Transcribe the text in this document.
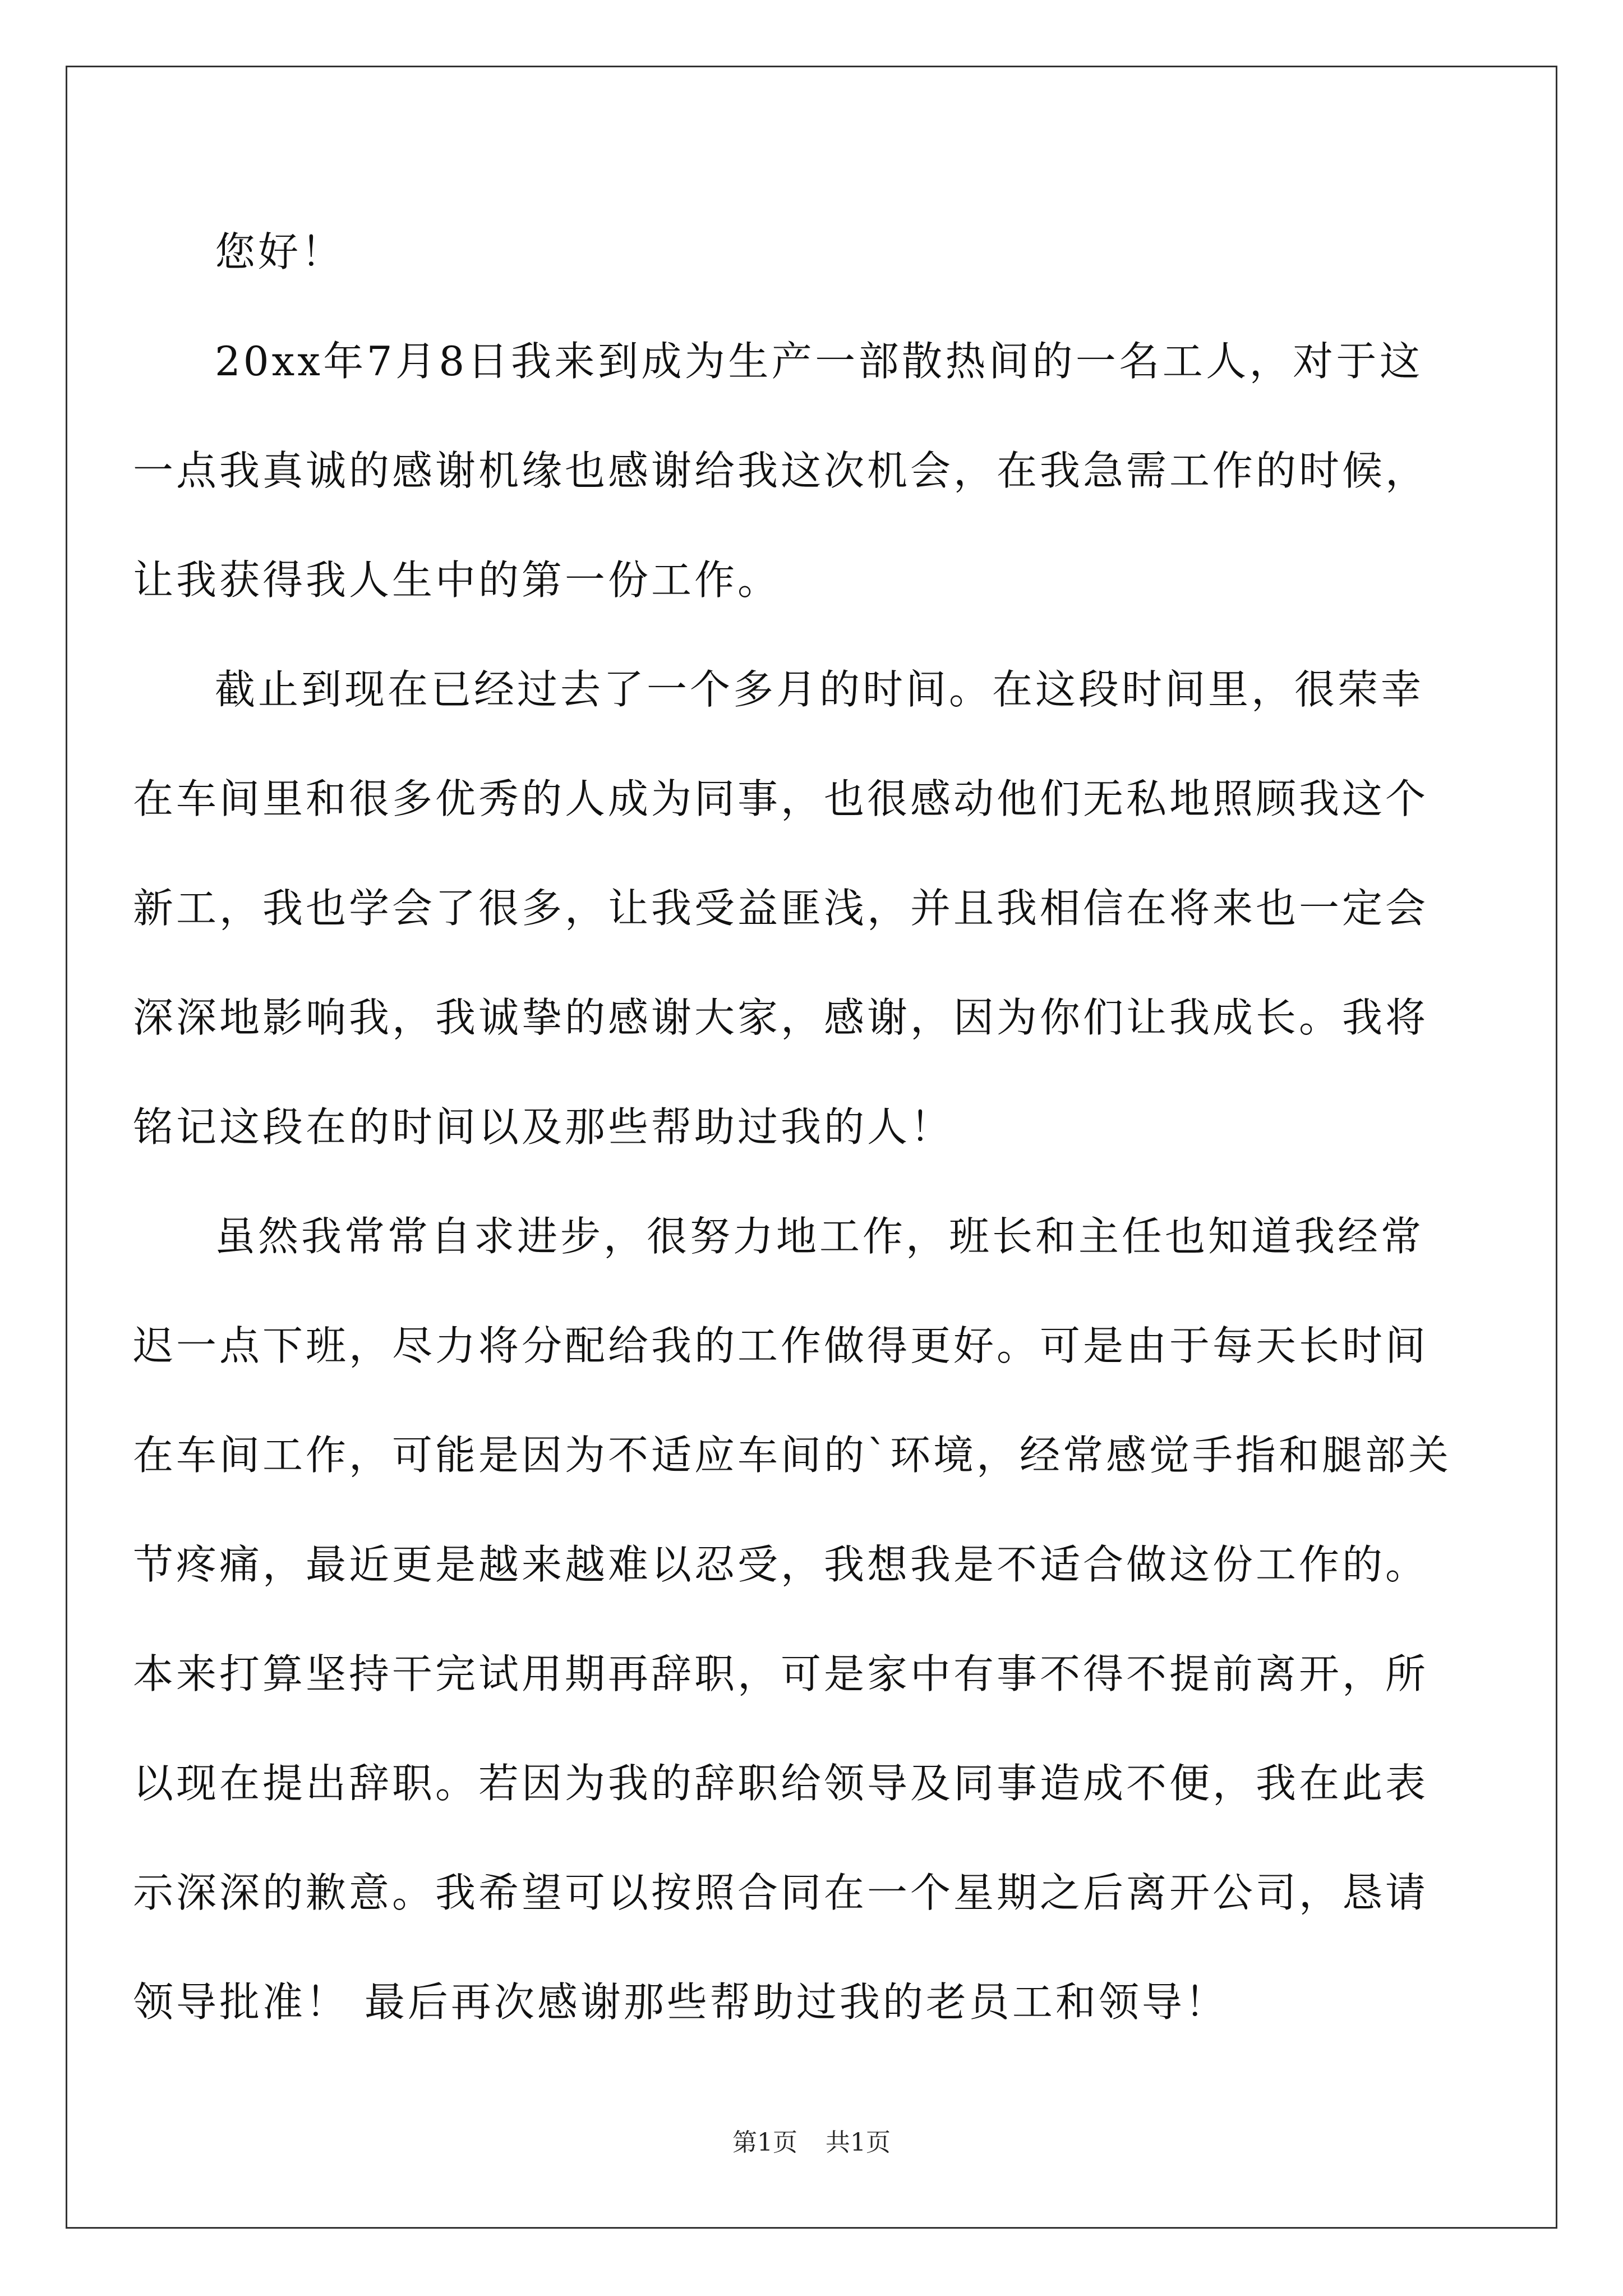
您好！
20xx年7月8日我来到成为生产一部散热间的一名工人，对于这
一点我真诚的感谢机缘也感谢给我这次机会，在我急需工作的时候，
让我获得我人生中的第一份工作。
截止到现在已经过去了一个多月的时间。在这段时间里，很荣幸
在车间里和很多优秀的人成为同事，也很感动他们无私地照顾我这个
新工，我也学会了很多，让我受益匪浅，并且我相信在将来也一定会
深深地影响我，我诚挚的感谢大家，感谢，因为你们让我成长。我将
铭记这段在的时间以及那些帮助过我的人！
虽然我常常自求进步，很努力地工作，班长和主任也知道我经常
迟一点下班，尽力将分配给我的工作做得更好。可是由于每天长时间
在车间工作，可能是因为不适应车间的`环境，经常感觉手指和腿部关
节疼痛，最近更是越来越难以忍受，我想我是不适合做这份工作的。
本来打算坚持干完试用期再辞职，可是家中有事不得不提前离开，所
以现在提出辞职。若因为我的辞职给领导及同事造成不便，我在此表
示深深的歉意。我希望可以按照合同在一个星期之后离开公司，恳请
领导批准！ 最后再次感谢那些帮助过我的老员工和领导！
第1页 共1页
